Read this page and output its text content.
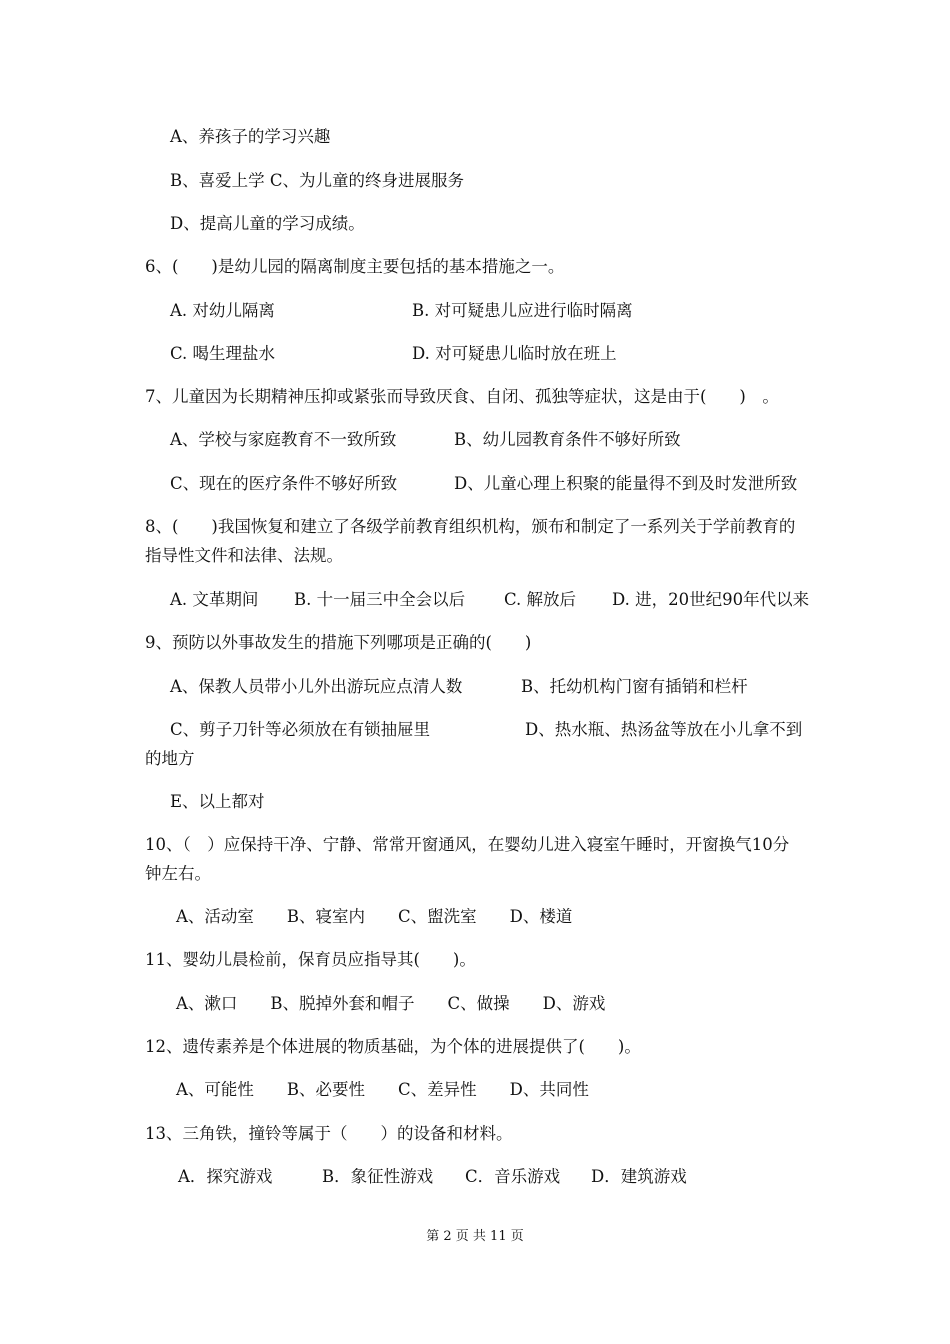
A、养孩子的学习兴趣
B、喜爱上学 C、为儿童的终身进展服务
D、提高儿童的学习成绩。
6、(　　)是幼儿园的隔离制度主要包括的基本措施之一。
A. 对幼儿隔离	B. 对可疑患儿应进行临时隔离
C. 喝生理盐水	D. 对可疑患儿临时放在班上
7、儿童因为长期精神压抑或紧张而导致厌食、自闭、孤独等症状，这是由于(　　)　。
A、学校与家庭教育不一致所致	B、幼儿园教育条件不够好所致
C、现在的医疗条件不够好所致	D、儿童心理上积聚的能量得不到及时发泄所致
8、(　　)我国恢复和建立了各级学前教育组织机构，颁布和制定了一系列关于学前教育的
指导性文件和法律、法规。
A. 文革期间 B. 十一届三中全会以后 C. 解放后 D. 进，20世纪90年代以来
9、预防以外事故发生的措施下列哪项是正确的(　　)
A、保教人员带小儿外出游玩应点清人数	B、托幼机构门窗有插销和栏杆
C、剪子刀针等必须放在有锁抽屉里	D、热水瓶、热汤盆等放在小儿拿不到
的地方
E、以上都对
10、（　）应保持干净、宁静、常常开窗通风，在婴幼儿进入寝室午睡时，开窗换气10分
钟左右。
A、活动室　　B、寝室内　　C、盥洗室　　D、楼道
11、婴幼儿晨检前，保育员应指导其(　　)。
A、漱口　　B、脱掉外套和帽子　　C、做操　　D、游戏
12、遗传素养是个体进展的物质基础，为个体的进展提供了(　　)。
A、可能性　　B、必要性　　C、差异性　　D、共同性
13、三角铁，撞铃等属于（　　）的设备和材料。
A．探究游戏	B．象征性游戏 C．音乐游戏 D．建筑游戏
第 2 页 共 11 页
